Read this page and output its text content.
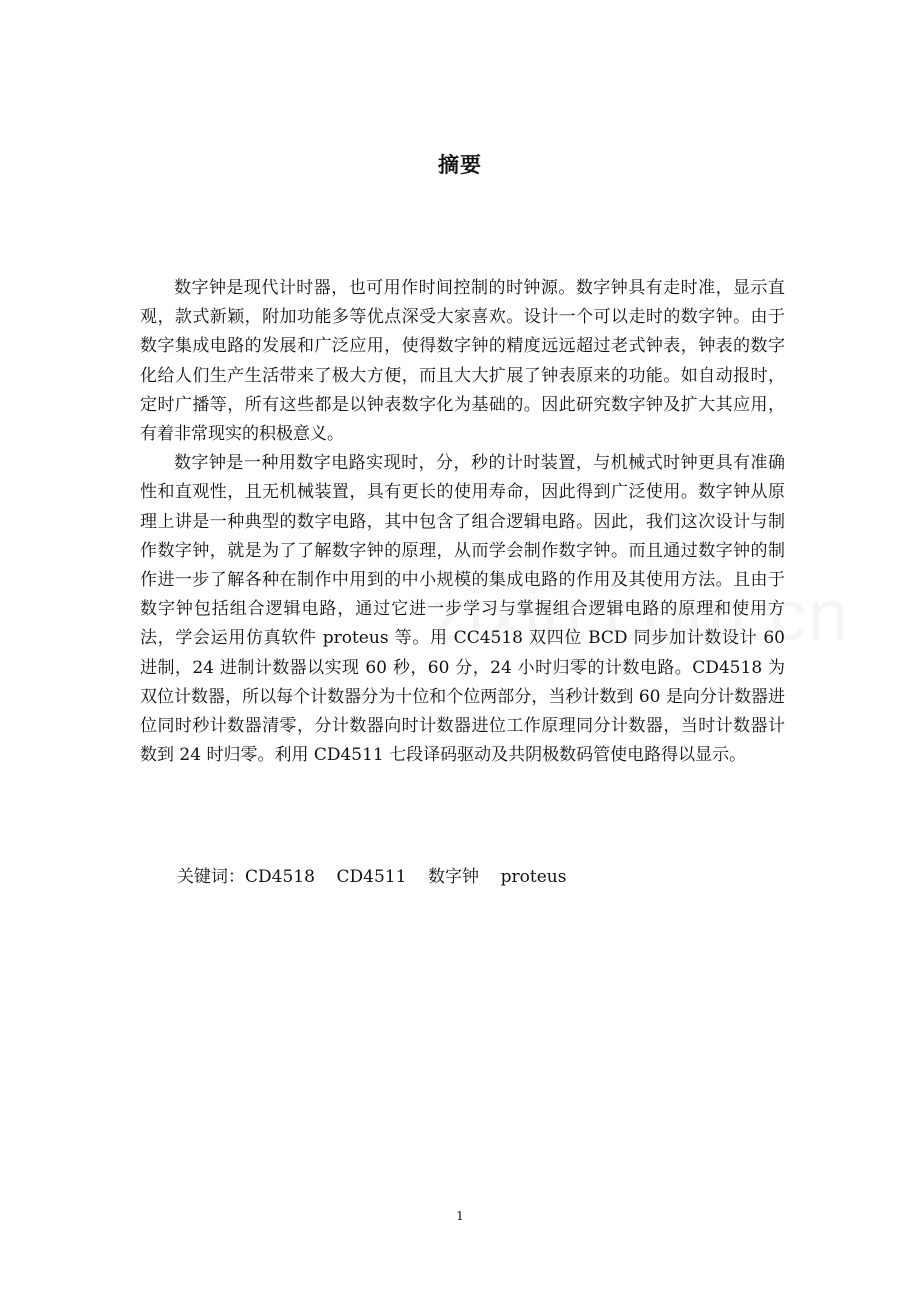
摘要

数字钟是现代计时器，也可用作时间控制的时钟源。数字钟具有走时准，显示直观，款式新颖，附加功能多等优点深受大家喜欢。设计一个可以走时的数字钟。由于数字集成电路的发展和广泛应用，使得数字钟的精度远远超过老式钟表，钟表的数字化给人们生产生活带来了极大方便，而且大大扩展了钟表原来的功能。如自动报时，定时广播等，所有这些都是以钟表数字化为基础的。因此研究数字钟及扩大其应用，有着非常现实的积极意义。

数字钟是一种用数字电路实现时，分，秒的计时装置，与机械式时钟更具有准确性和直观性，且无机械装置，具有更长的使用寿命，因此得到广泛使用。数字钟从原理上讲是一种典型的数字电路，其中包含了组合逻辑电路。因此，我们这次设计与制作数字钟，就是为了了解数字钟的原理，从而学会制作数字钟。而且通过数字钟的制作进一步了解各种在制作中用到的中小规模的集成电路的作用及其使用方法。且由于数字钟包括组合逻辑电路，通过它进一步学习与掌握组合逻辑电路的原理和使用方法，学会运用仿真软件 proteus 等。用 CC4518 双四位 BCD 同步加计数设计 60 进制，24 进制计数器以实现 60 秒，60 分，24 小时归零的计数电路。CD4518 为双位计数器，所以每个计数器分为十位和个位两部分，当秒计数到 60 是向分计数器进位同时秒计数器清零，分计数器向时计数器进位工作原理同分计数器，当时计数器计数到 24 时归零。利用 CD4511 七段译码驱动及共阴极数码管使电路得以显示。

关键词：CD4518    CD4511    数字钟    proteus
1
